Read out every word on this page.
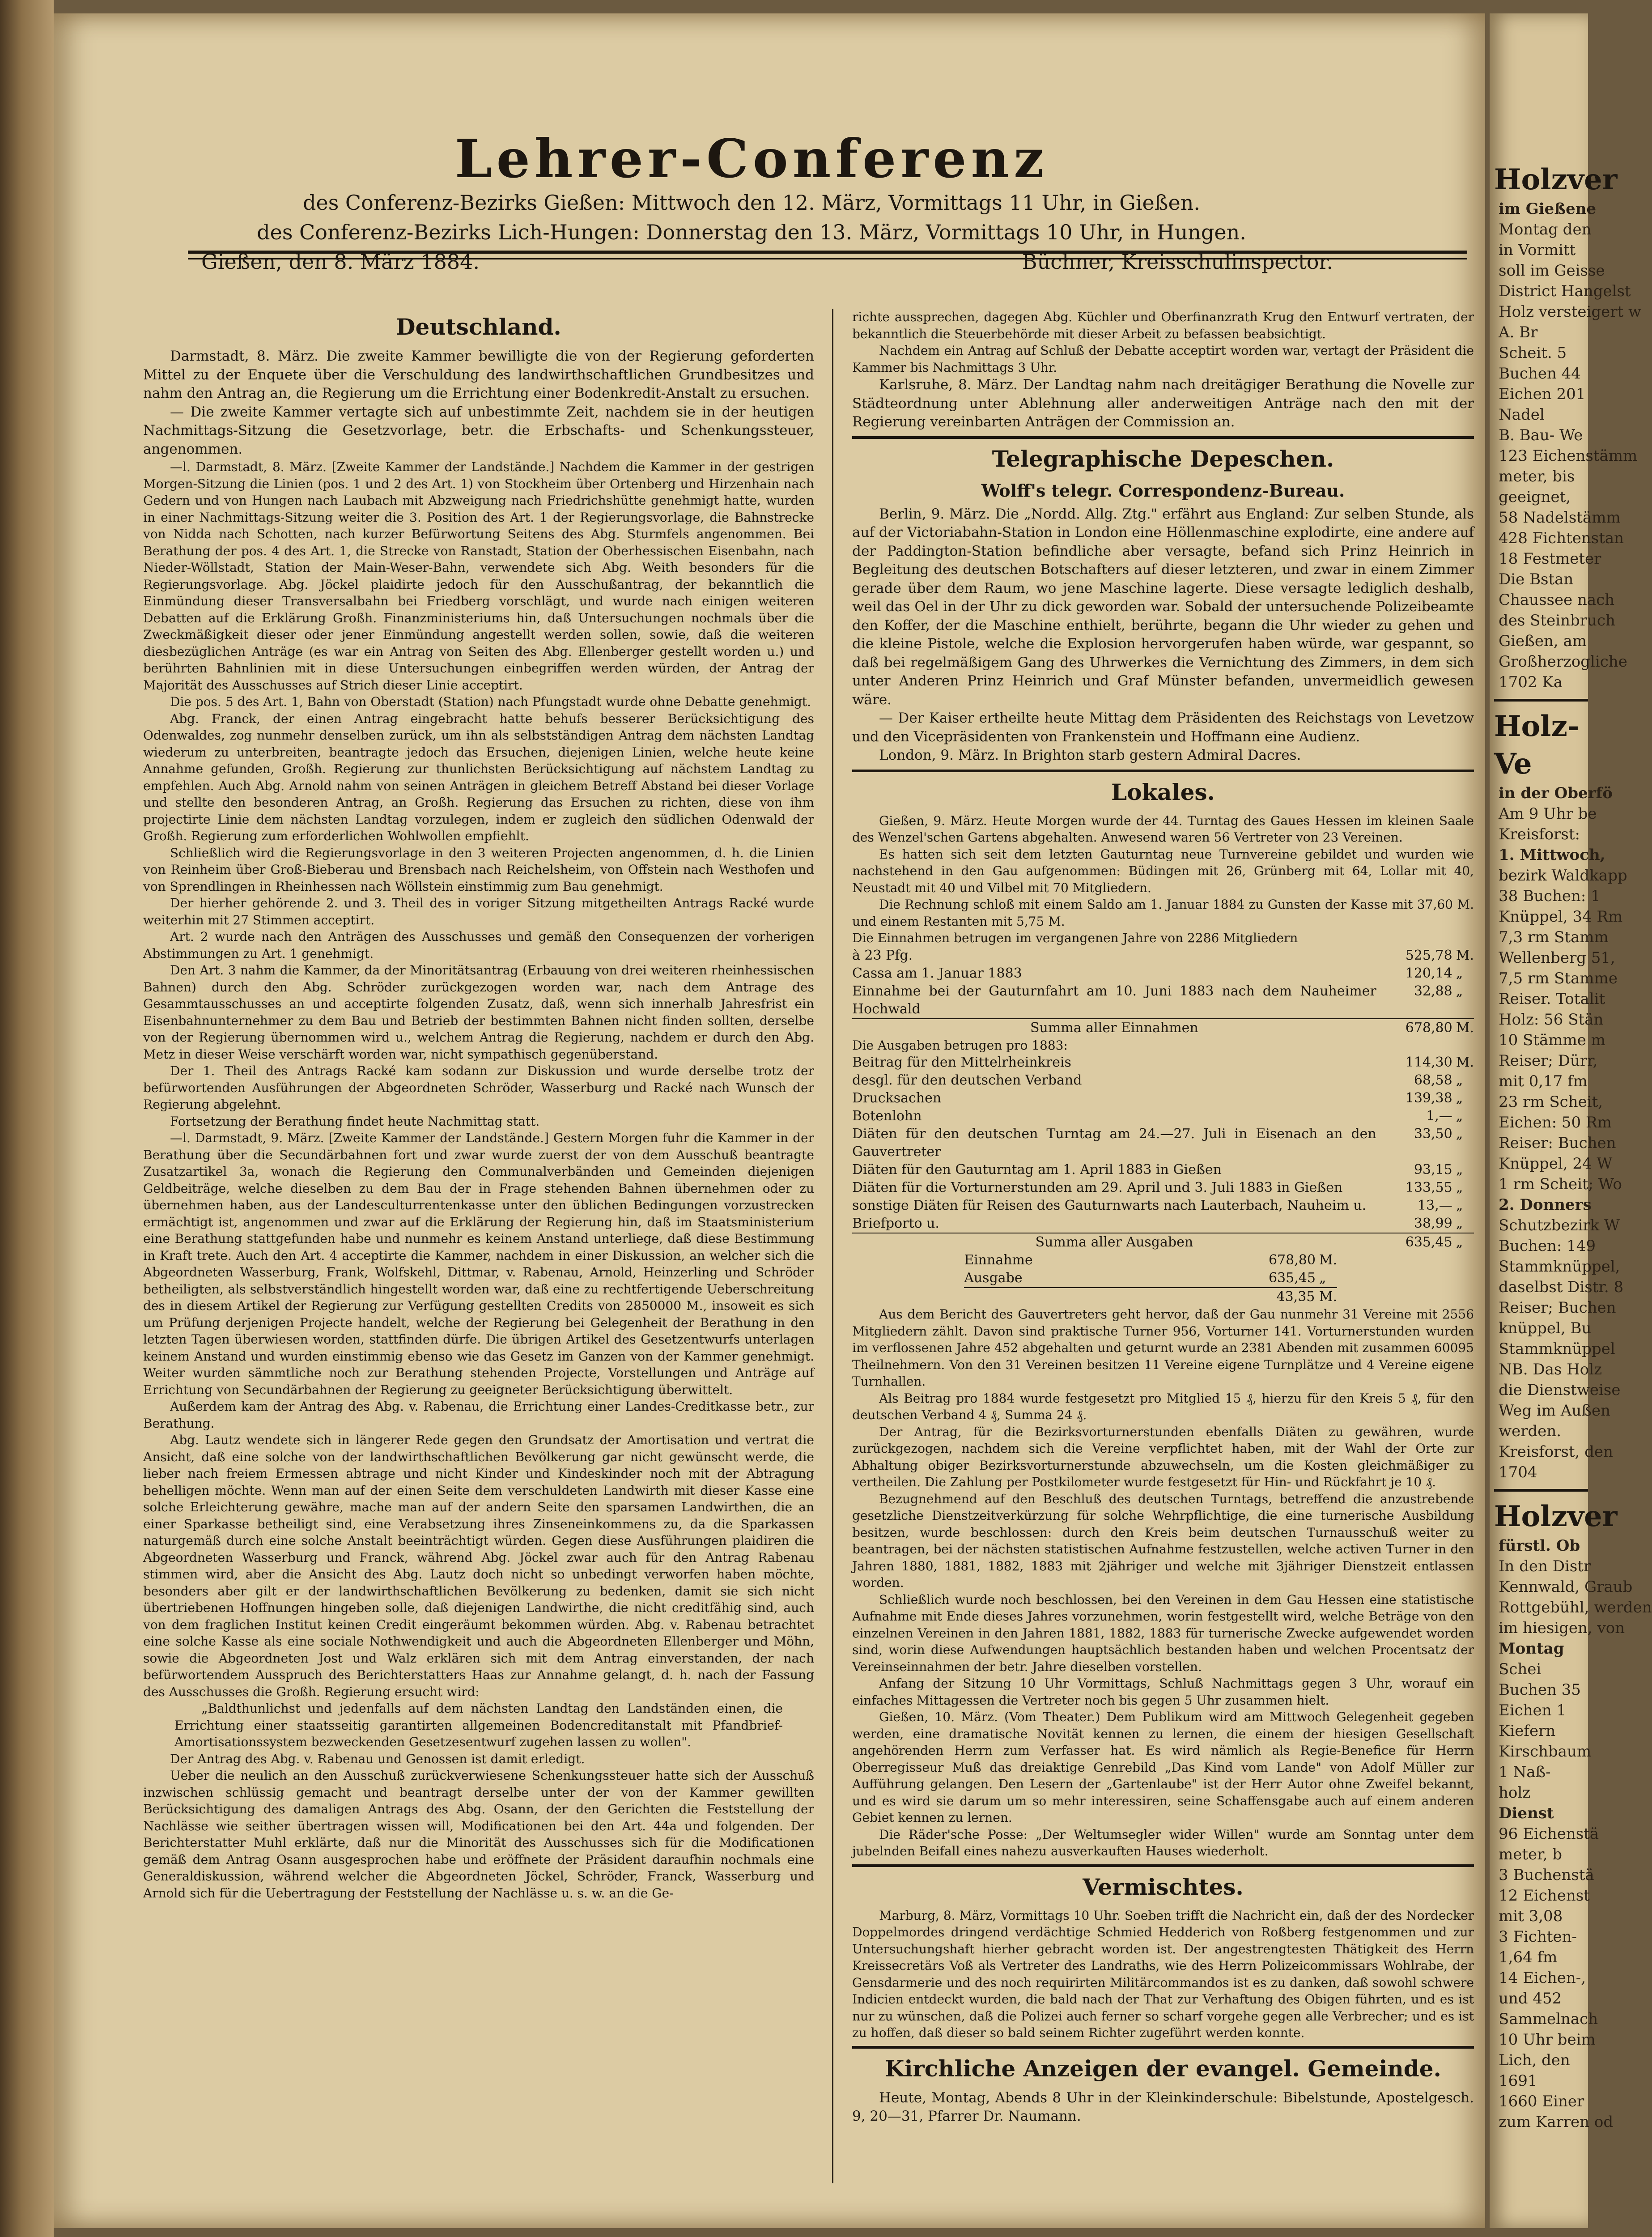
Lehrer-Conferenz
des Conferenz-Bezirks Gießen: Mittwoch den 12. März, Vormittags 11 Uhr, in Gießen.
des Conferenz-Bezirks Lich-Hungen: Donnerstag den 13. März, Vormittags 10 Uhr, in Hungen.
Gießen, den 8. März 1884.	Büchner, Kreisschulinspector.
Deutschland.

Darmstadt, 8. März. Die zweite Kammer bewilligte die von der Regierung geforderten Mittel zu der Enquete über die Verschuldung des landwirthschaftlichen Grundbesitzes und nahm den Antrag an, die Regierung um die Errichtung einer Bodenkredit-Anstalt zu ersuchen.

— Die zweite Kammer vertagte sich auf unbestimmte Zeit, nachdem sie in der heutigen Nachmittags-Sitzung die Gesetzvorlage, betr. die Erbschafts- und Schenkungssteuer, angenommen.

—l. Darmstadt, 8. März. [Zweite Kammer der Landstände.] Nachdem die Kammer in der gestrigen Morgen-Sitzung die Linien (pos. 1 und 2 des Art. 1) von Stockheim über Ortenberg und Hirzenhain nach Gedern und von Hungen nach Laubach mit Abzweigung nach Friedrichshütte genehmigt hatte, wurden in einer Nachmittags-Sitzung weiter die 3. Position des Art. 1 der Regierungsvorlage, die Bahnstrecke von Nidda nach Schotten, nach kurzer Befürwortung Seitens des Abg. Sturmfels angenommen. Bei Berathung der pos. 4 des Art. 1, die Strecke von Ranstadt, Station der Oberhessischen Eisenbahn, nach Nieder-Wöllstadt, Station der Main-Weser-Bahn, verwendete sich Abg. Weith besonders für die Regierungsvorlage. Abg. Jöckel plaidirte jedoch für den Ausschußantrag, der bekanntlich die Einmündung dieser Transversalbahn bei Friedberg vorschlägt, und wurde nach einigen weiteren Debatten auf die Erklärung Großh. Finanzministeriums hin, daß Untersuchungen nochmals über die Zweckmäßigkeit dieser oder jener Einmündung angestellt werden sollen, sowie, daß die weiteren diesbezüglichen Anträge (es war ein Antrag von Seiten des Abg. Ellenberger gestellt worden u.) und berührten Bahnlinien mit in diese Untersuchungen einbegriffen werden würden, der Antrag der Majorität des Ausschusses auf Strich dieser Linie acceptirt.

Die pos. 5 des Art. 1, Bahn von Oberstadt (Station) nach Pfungstadt wurde ohne Debatte genehmigt.

Abg. Franck, der einen Antrag eingebracht hatte behufs besserer Berücksichtigung des Odenwaldes, zog nunmehr denselben zurück, um ihn als selbstständigen Antrag dem nächsten Landtag wiederum zu unterbreiten, beantragte jedoch das Ersuchen, diejenigen Linien, welche heute keine Annahme gefunden, Großh. Regierung zur thunlichsten Berücksichtigung auf nächstem Landtag zu empfehlen. Auch Abg. Arnold nahm von seinen Anträgen in gleichem Betreff Abstand bei dieser Vorlage und stellte den besonderen Antrag, an Großh. Regierung das Ersuchen zu richten, diese von ihm projectirte Linie dem nächsten Landtag vorzulegen, indem er zugleich den südlichen Odenwald der Großh. Regierung zum erforderlichen Wohlwollen empfiehlt.

Schließlich wird die Regierungsvorlage in den 3 weiteren Projecten angenommen, d. h. die Linien von Reinheim über Groß-Bieberau und Brensbach nach Reichelsheim, von Offstein nach Westhofen und von Sprendlingen in Rheinhessen nach Wöllstein einstimmig zum Bau genehmigt.

Der hierher gehörende 2. und 3. Theil des in voriger Sitzung mitgetheilten Antrags Racké wurde weiterhin mit 27 Stimmen acceptirt.

Art. 2 wurde nach den Anträgen des Ausschusses und gemäß den Consequenzen der vorherigen Abstimmungen zu Art. 1 genehmigt.

Den Art. 3 nahm die Kammer, da der Minoritätsantrag (Erbauung von drei weiteren rheinhessischen Bahnen) durch den Abg. Schröder zurückgezogen worden war, nach dem Antrage des Gesammtausschusses an und acceptirte folgenden Zusatz, daß, wenn sich innerhalb Jahresfrist ein Eisenbahnunternehmer zu dem Bau und Betrieb der bestimmten Bahnen nicht finden sollten, derselbe von der Regierung übernommen wird u., welchem Antrag die Regierung, nachdem er durch den Abg. Metz in dieser Weise verschärft worden war, nicht sympathisch gegenüberstand.

Der 1. Theil des Antrags Racké kam sodann zur Diskussion und wurde derselbe trotz der befürwortenden Ausführungen der Abgeordneten Schröder, Wasserburg und Racké nach Wunsch der Regierung abgelehnt.

Fortsetzung der Berathung findet heute Nachmittag statt.

—l. Darmstadt, 9. März. [Zweite Kammer der Landstände.] Gestern Morgen fuhr die Kammer in der Berathung über die Secundärbahnen fort und zwar wurde zuerst der von dem Ausschuß beantragte Zusatzartikel 3a, wonach die Regierung den Communalverbänden und Gemeinden diejenigen Geldbeiträge, welche dieselben zu dem Bau der in Frage stehenden Bahnen übernehmen oder zu übernehmen haben, aus der Landesculturrentenkasse unter den üblichen Bedingungen vorzustrecken ermächtigt ist, angenommen und zwar auf die Erklärung der Regierung hin, daß im Staatsministerium eine Berathung stattgefunden habe und nunmehr es keinem Anstand unterliege, daß diese Bestimmung in Kraft trete. Auch den Art. 4 acceptirte die Kammer, nachdem in einer Diskussion, an welcher sich die Abgeordneten Wasserburg, Frank, Wolfskehl, Dittmar, v. Rabenau, Arnold, Heinzerling und Schröder betheiligten, als selbstverständlich hingestellt worden war, daß eine zu rechtfertigende Ueberschreitung des in diesem Artikel der Regierung zur Verfügung gestellten Credits von 2850000 M., insoweit es sich um Prüfung derjenigen Projecte handelt, welche der Regierung bei Gelegenheit der Berathung in den letzten Tagen überwiesen worden, stattfinden dürfe. Die übrigen Artikel des Gesetzentwurfs unterlagen keinem Anstand und wurden einstimmig ebenso wie das Gesetz im Ganzen von der Kammer genehmigt. Weiter wurden sämmtliche noch zur Berathung stehenden Projecte, Vorstellungen und Anträge auf Errichtung von Secundärbahnen der Regierung zu geeigneter Berücksichtigung überwittelt.

Außerdem kam der Antrag des Abg. v. Rabenau, die Errichtung einer Landes-Creditkasse betr., zur Berathung.

Abg. Lautz wendete sich in längerer Rede gegen den Grundsatz der Amortisation und vertrat die Ansicht, daß eine solche von der landwirthschaftlichen Bevölkerung gar nicht gewünscht werde, die lieber nach freiem Ermessen abtrage und nicht Kinder und Kindeskinder noch mit der Abtragung behelligen möchte. Wenn man auf der einen Seite dem verschuldeten Landwirth mit dieser Kasse eine solche Erleichterung gewähre, mache man auf der andern Seite den sparsamen Landwirthen, die an einer Sparkasse betheiligt sind, eine Verabsetzung ihres Zinseneinkommens zu, da die Sparkassen naturgemäß durch eine solche Anstalt beeinträchtigt würden. Gegen diese Ausführungen plaidiren die Abgeordneten Wasserburg und Franck, während Abg. Jöckel zwar auch für den Antrag Rabenau stimmen wird, aber die Ansicht des Abg. Lautz doch nicht so unbedingt verworfen haben möchte, besonders aber gilt er der landwirthschaftlichen Bevölkerung zu bedenken, damit sie sich nicht übertriebenen Hoffnungen hingeben solle, daß diejenigen Landwirthe, die nicht creditfähig sind, auch von dem fraglichen Institut keinen Credit eingeräumt bekommen würden. Abg. v. Rabenau betrachtet eine solche Kasse als eine sociale Nothwendigkeit und auch die Abgeordneten Ellenberger und Möhn, sowie die Abgeordneten Jost und Walz erklären sich mit dem Antrag einverstanden, der nach befürwortendem Ausspruch des Berichterstatters Haas zur Annahme gelangt, d. h. nach der Fassung des Ausschusses die Großh. Regierung ersucht wird:

„Baldthunlichst und jedenfalls auf dem nächsten Landtag den Landständen einen, die Errichtung einer staatsseitig garantirten allgemeinen Bodencreditanstalt mit Pfandbrief-Amortisationssystem bezweckenden Gesetzesentwurf zugehen lassen zu wollen".

Der Antrag des Abg. v. Rabenau und Genossen ist damit erledigt.

Ueber die neulich an den Ausschuß zurückverwiesene Schenkungssteuer hatte sich der Ausschuß inzwischen schlüssig gemacht und beantragt derselbe unter der von der Kammer gewillten Berücksichtigung des damaligen Antrags des Abg. Osann, der den Gerichten die Feststellung der Nachlässe wie seither übertragen wissen will, Modificationen bei den Art. 44a und folgenden. Der Berichterstatter Muhl erklärte, daß nur die Minorität des Ausschusses sich für die Modificationen gemäß dem Antrag Osann ausgesprochen habe und eröffnete der Präsident daraufhin nochmals eine Generaldiskussion, während welcher die Abgeordneten Jöckel, Schröder, Franck, Wasserburg und Arnold sich für die Uebertragung der Feststellung der Nachlässe u. s. w. an die Ge-

richte aussprechen, dagegen Abg. Küchler und Oberfinanzrath Krug den Entwurf vertraten, der bekanntlich die Steuerbehörde mit dieser Arbeit zu befassen beabsichtigt.

Nachdem ein Antrag auf Schluß der Debatte acceptirt worden war, vertagt der Präsident die Kammer bis Nachmittags 3 Uhr.

Karlsruhe, 8. März. Der Landtag nahm nach dreitägiger Berathung die Novelle zur Städteordnung unter Ablehnung aller anderweitigen Anträge nach den mit der Regierung vereinbarten Anträgen der Commission an.

Telegraphische Depeschen.
Wolff's telegr. Correspondenz-Bureau.

Berlin, 9. März. Die „Nordd. Allg. Ztg." erfährt aus England: Zur selben Stunde, als auf der Victoriabahn-Station in London eine Höllenmaschine explodirte, eine andere auf der Paddington-Station befindliche aber versagte, befand sich Prinz Heinrich in Begleitung des deutschen Botschafters auf dieser letzteren, und zwar in einem Zimmer gerade über dem Raum, wo jene Maschine lagerte. Diese versagte lediglich deshalb, weil das Oel in der Uhr zu dick geworden war. Sobald der untersuchende Polizeibeamte den Koffer, der die Maschine enthielt, berührte, begann die Uhr wieder zu gehen und die kleine Pistole, welche die Explosion hervorgerufen haben würde, war gespannt, so daß bei regelmäßigem Gang des Uhrwerkes die Vernichtung des Zimmers, in dem sich unter Anderen Prinz Heinrich und Graf Münster befanden, unvermeidlich gewesen wäre.

— Der Kaiser ertheilte heute Mittag dem Präsidenten des Reichstags von Levetzow und den Vicepräsidenten von Frankenstein und Hoffmann eine Audienz.

London, 9. März. In Brighton starb gestern Admiral Dacres.

Lokales.

Gießen, 9. März. Heute Morgen wurde der 44. Turntag des Gaues Hessen im kleinen Saale des Wenzel'schen Gartens abgehalten. Anwesend waren 56 Vertreter von 23 Vereinen.

Es hatten sich seit dem letzten Gauturntag neue Turnvereine gebildet und wurden wie nachstehend in den Gau aufgenommen: Büdingen mit 26, Grünberg mit 64, Lollar mit 40, Neustadt mit 40 und Vilbel mit 70 Mitgliedern.

Die Rechnung schloß mit einem Saldo am 1. Januar 1884 zu Gunsten der Kasse mit 37,60 M. und einem Restanten mit 5,75 M.

Die Einnahmen betrugen im vergangenen Jahre von 2286 Mitgliedern

à 23 Pfg.	525,78	M.
Cassa am 1. Januar 1883	120,14	„
Einnahme bei der Gauturnfahrt am 10. Juni 1883 nach dem Nauheimer Hochwald	32,88	„
Summa aller Einnahmen	678,80	M.

Die Ausgaben betrugen pro 1883:

Beitrag für den Mittelrheinkreis	114,30	M.
desgl. für den deutschen Verband	68,58	„
Drucksachen	139,38	„
Botenlohn	1,—	„
Diäten für den deutschen Turntag am 24.—27. Juli in Eisenach an den Gauvertreter	33,50	„
Diäten für den Gauturntag am 1. April 1883 in Gießen	93,15	„
Diäten für die Vorturnerstunden am 29. April und 3. Juli 1883 in Gießen	133,55	„
sonstige Diäten für Reisen des Gauturnwarts nach Lauterbach, Nauheim u.	13,—	„
Briefporto u.	38,99	„
Summa aller Ausgaben	635,45	„
Einnahme	678,80	M.
Ausgabe	635,45	„
	43,35 M.	

Aus dem Bericht des Gauvertreters geht hervor, daß der Gau nunmehr 31 Vereine mit 2556 Mitgliedern zählt. Davon sind praktische Turner 956, Vorturner 141. Vorturnerstunden wurden im verflossenen Jahre 452 abgehalten und geturnt wurde an 2381 Abenden mit zusammen 60095 Theilnehmern. Von den 31 Vereinen besitzen 11 Vereine eigene Turnplätze und 4 Vereine eigene Turnhallen.

Als Beitrag pro 1884 wurde festgesetzt pro Mitglied 15 ₰, hierzu für den Kreis 5 ₰, für den deutschen Verband 4 ₰, Summa 24 ₰.

Der Antrag, für die Bezirksvorturnerstunden ebenfalls Diäten zu gewähren, wurde zurückgezogen, nachdem sich die Vereine verpflichtet haben, mit der Wahl der Orte zur Abhaltung obiger Bezirksvorturnerstunde abzuwechseln, um die Kosten gleichmäßiger zu vertheilen. Die Zahlung per Postkilometer wurde festgesetzt für Hin- und Rückfahrt je 10 ₰.

Bezugnehmend auf den Beschluß des deutschen Turntags, betreffend die anzustrebende gesetzliche Dienstzeitverkürzung für solche Wehrpflichtige, die eine turnerische Ausbildung besitzen, wurde beschlossen: durch den Kreis beim deutschen Turnausschuß weiter zu beantragen, bei der nächsten statistischen Aufnahme festzustellen, welche activen Turner in den Jahren 1880, 1881, 1882, 1883 mit 2jähriger und welche mit 3jähriger Dienstzeit entlassen worden.

Schließlich wurde noch beschlossen, bei den Vereinen in dem Gau Hessen eine statistische Aufnahme mit Ende dieses Jahres vorzunehmen, worin festgestellt wird, welche Beträge von den einzelnen Vereinen in den Jahren 1881, 1882, 1883 für turnerische Zwecke aufgewendet worden sind, worin diese Aufwendungen hauptsächlich bestanden haben und welchen Procentsatz der Vereinseinnahmen der betr. Jahre dieselben vorstellen.

Anfang der Sitzung 10 Uhr Vormittags, Schluß Nachmittags gegen 3 Uhr, worauf ein einfaches Mittagessen die Vertreter noch bis gegen 5 Uhr zusammen hielt.

Gießen, 10. März. (Vom Theater.) Dem Publikum wird am Mittwoch Gelegenheit gegeben werden, eine dramatische Novität kennen zu lernen, die einem der hiesigen Gesellschaft angehörenden Herrn zum Verfasser hat. Es wird nämlich als Regie-Benefice für Herrn Oberregisseur Muß das dreiaktige Genrebild „Das Kind vom Lande" von Adolf Müller zur Aufführung gelangen. Den Lesern der „Gartenlaube" ist der Herr Autor ohne Zweifel bekannt, und es wird sie darum um so mehr interessiren, seine Schaffensgabe auch auf einem anderen Gebiet kennen zu lernen.

Die Räder'sche Posse: „Der Weltumsegler wider Willen" wurde am Sonntag unter dem jubelnden Beifall eines nahezu ausverkauften Hauses wiederholt.

Vermischtes.

Marburg, 8. März, Vormittags 10 Uhr. Soeben trifft die Nachricht ein, daß der des Nordecker Doppelmordes dringend verdächtige Schmied Hedderich von Roßberg festgenommen und zur Untersuchungshaft hierher gebracht worden ist. Der angestrengtesten Thätigkeit des Herrn Kreissecretärs Voß als Vertreter des Landraths, wie des Herrn Polizeicommissars Wohlrabe, der Gensdarmerie und des noch requirirten Militärcommandos ist es zu danken, daß sowohl schwere Indicien entdeckt wurden, die bald nach der That zur Verhaftung des Obigen führten, und es ist nur zu wünschen, daß die Polizei auch ferner so scharf vorgehe gegen alle Verbrecher; und es ist zu hoffen, daß dieser so bald seinem Richter zugeführt werden konnte.

Kirchliche Anzeigen der evangel. Gemeinde.

Heute, Montag, Abends 8 Uhr in der Kleinkinderschule: Bibelstunde, Apostelgesch. 9, 20—31, Pfarrer Dr. Naumann.

Holzver
im Gießene
Montag den
in Vormitt
soll im Geisse
District Hangelst
Holz versteigert w
A. Br
Scheit. 5
Buchen 44
Eichen 201
Nadel
B. Bau- We
123 Eichenstämm
meter, bis
geeignet,
58 Nadelstämm
428 Fichtenstan
18 Festmeter
Die Bstan
Chaussee nach
des Steinbruch
Gießen, am
Großherzogliche
1702 Ka
Holz-Ve
in der Oberfö
Am 9 Uhr be
Kreisforst:
1. Mittwoch,
bezirk Waldkapp
38 Buchen: 1
Knüppel, 34 Rm
7,3 rm Stamm
Wellenberg 51,
7,5 rm Stamme
Reiser. Totalit
Holz: 56 Stän
10 Stämme m
Reiser; Dürr,
mit 0,17 fm
23 rm Scheit,
Eichen: 50 Rm
Reiser: Buchen
Knüppel, 24 W
1 rm Scheit; Wo
2. Donners
Schutzbezirk W
Buchen: 149
Stammknüppel,
daselbst Distr. 8
Reiser; Buchen
knüppel, Bu
Stammknüppel
NB. Das Holz
die Dienstweise
Weg im Außen
werden.
Kreisforst, den
1704
Holzver
fürstl. Ob
In den Distr
Kennwald, Graub
Rottgebühl, werden
im hiesigen, von
Montag
Schei
Buchen 35
Eichen 1
Kiefern
Kirschbaum
1 Naß-
holz
Dienst
96 Eichenstä
meter, b
3 Buchenstä
12 Eichenst
mit 3,08
3 Fichten-
1,64 fm
14 Eichen-,
und 452
Sammelnach
10 Uhr beim
Lich, den
1691
1660 Einer
zum Karren od
